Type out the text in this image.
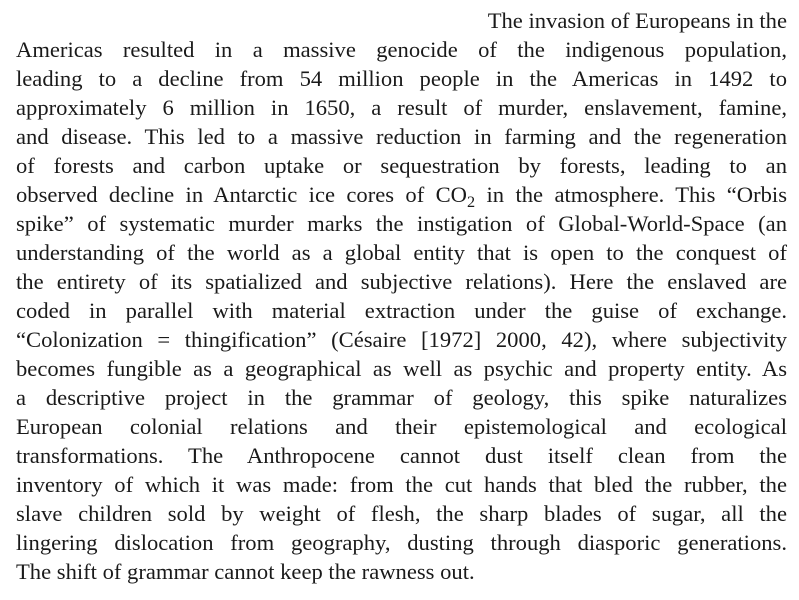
The invasion of Europeans in the
Americas resulted in a massive genocide of the indigenous population,
leading to a decline from 54 million people in the Americas in 1492 to
approximately 6 million in 1650, a result of murder, enslavement, famine,
and disease. This led to a massive reduction in farming and the regeneration
of forests and carbon uptake or sequestration by forests, leading to an
observed decline in Antarctic ice cores of $CO_2$ in the atmosphere. This “Orbis
spike” of systematic murder marks the instigation of Global-World-Space (an
understanding of the world as a global entity that is open to the conquest of
the entirety of its spatialized and subjective relations). Here the enslaved are
coded in parallel with material extraction under the guise of exchange.
“Colonization = thingification” (Césaire [1972] 2000, 42), where subjectivity
becomes fungible as a geographical as well as psychic and property entity. As
a descriptive project in the grammar of geology, this spike naturalizes
European colonial relations and their epistemological and ecological
transformations. The Anthropocene cannot dust itself clean from the
inventory of which it was made: from the cut hands that bled the rubber, the
slave children sold by weight of flesh, the sharp blades of sugar, all the
lingering dislocation from geography, dusting through diasporic generations.
The shift of grammar cannot keep the rawness out.
